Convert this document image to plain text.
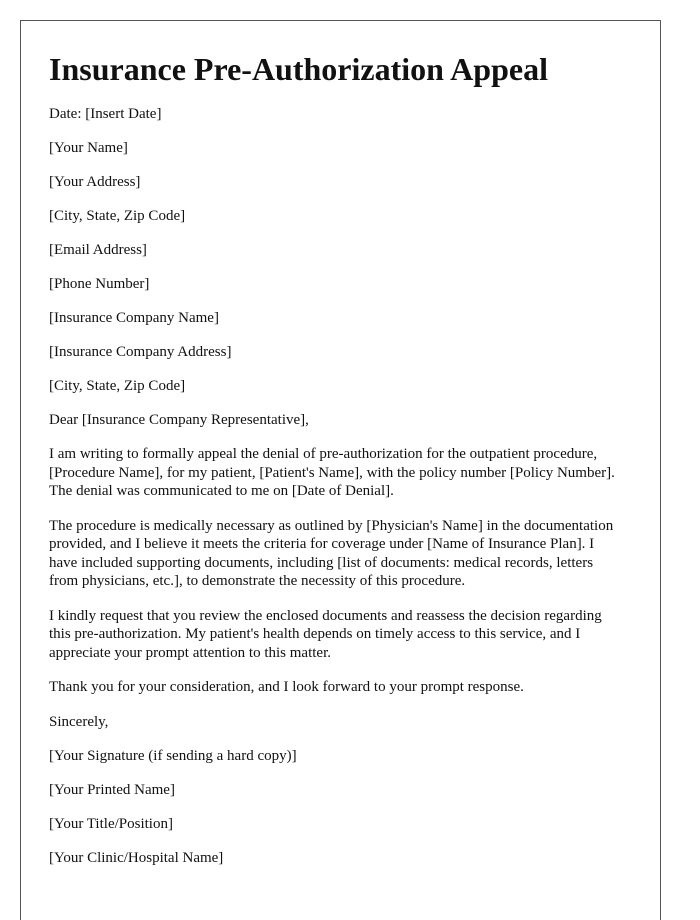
Insurance Pre-Authorization Appeal

Date: [Insert Date]

[Your Name]

[Your Address]

[City, State, Zip Code]

[Email Address]

[Phone Number]

[Insurance Company Name]

[Insurance Company Address]

[City, State, Zip Code]

Dear [Insurance Company Representative],

I am writing to formally appeal the denial of pre-authorization for the outpatient procedure, [Procedure Name], for my patient, [Patient's Name], with the policy number [Policy Number]. The denial was communicated to me on [Date of Denial].

The procedure is medically necessary as outlined by [Physician's Name] in the documentation provided, and I believe it meets the criteria for coverage under [Name of Insurance Plan]. I have included supporting documents, including [list of documents: medical records, letters from physicians, etc.], to demonstrate the necessity of this procedure.

I kindly request that you review the enclosed documents and reassess the decision regarding this pre-authorization. My patient's health depends on timely access to this service, and I appreciate your prompt attention to this matter.

Thank you for your consideration, and I look forward to your prompt response.

Sincerely,

[Your Signature (if sending a hard copy)]

[Your Printed Name]

[Your Title/Position]

[Your Clinic/Hospital Name]
